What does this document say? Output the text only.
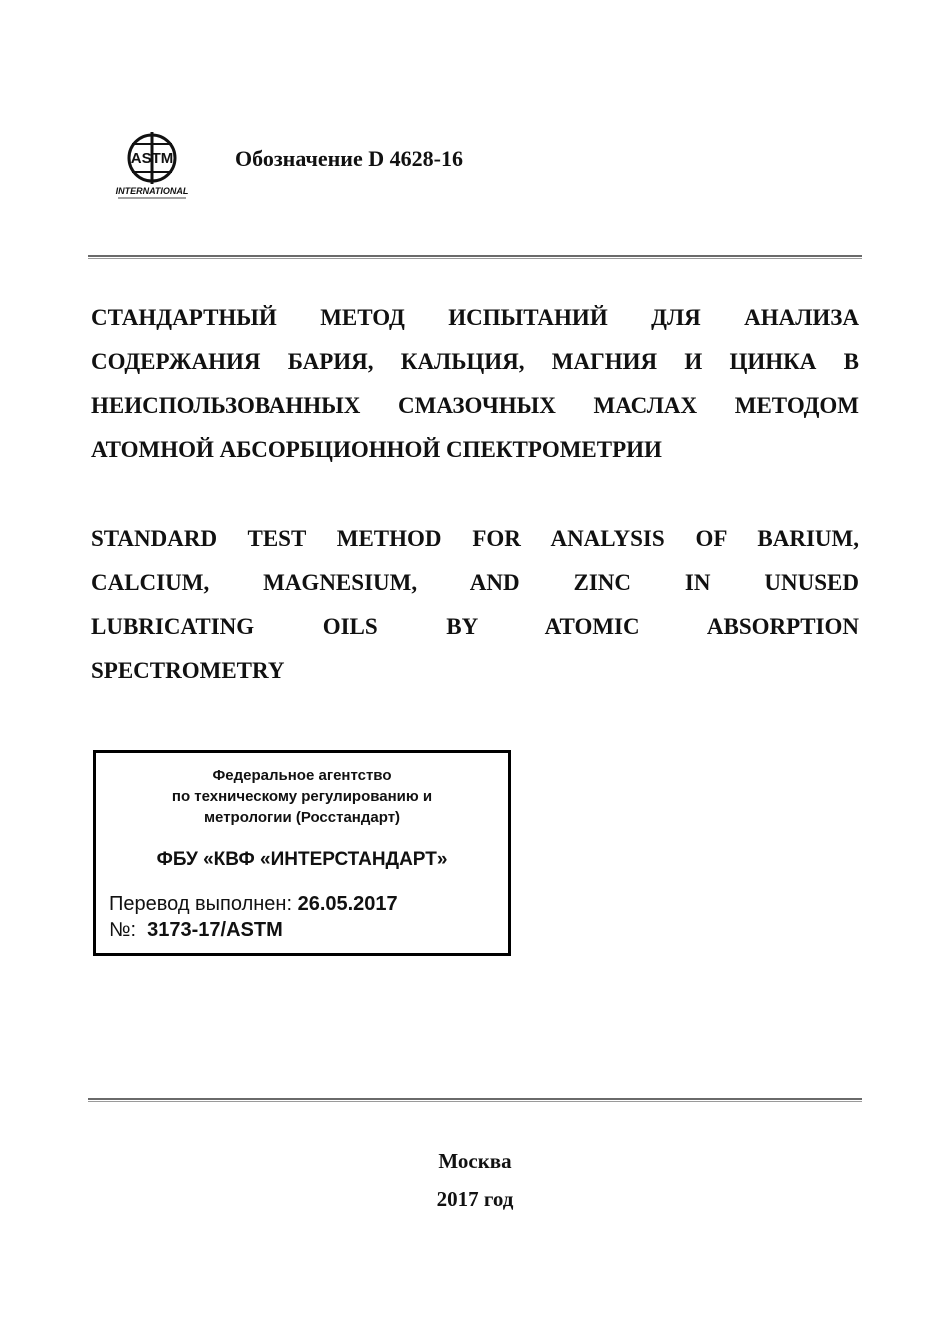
ASTM
INTERNATIONAL
Обозначение D 4628-16
СТАНДАРТНЫЙ МЕТОД ИСПЫТАНИЙ ДЛЯ АНАЛИЗА
СОДЕРЖАНИЯ БАРИЯ, КАЛЬЦИЯ, МАГНИЯ И ЦИНКА В
НЕИСПОЛЬЗОВАННЫХ СМАЗОЧНЫХ МАСЛАХ МЕТОДОМ
АТОМНОЙ АБСОРБЦИОННОЙ СПЕКТРОМЕТРИИ
STANDARD TEST METHOD FOR ANALYSIS OF BARIUM,
CALCIUM, MAGNESIUM, AND ZINC IN UNUSED
LUBRICATING OILS BY ATOMIC ABSORPTION
SPECTROMETRY
Федеральное агентство
по техническому регулированию и
метрологии (Росстандарт)
ФБУ «КВФ «ИНТЕРСТАНДАРТ»
Перевод выполнен: 26.05.2017
№: 3173-17/ASTM
Москва
2017 год
